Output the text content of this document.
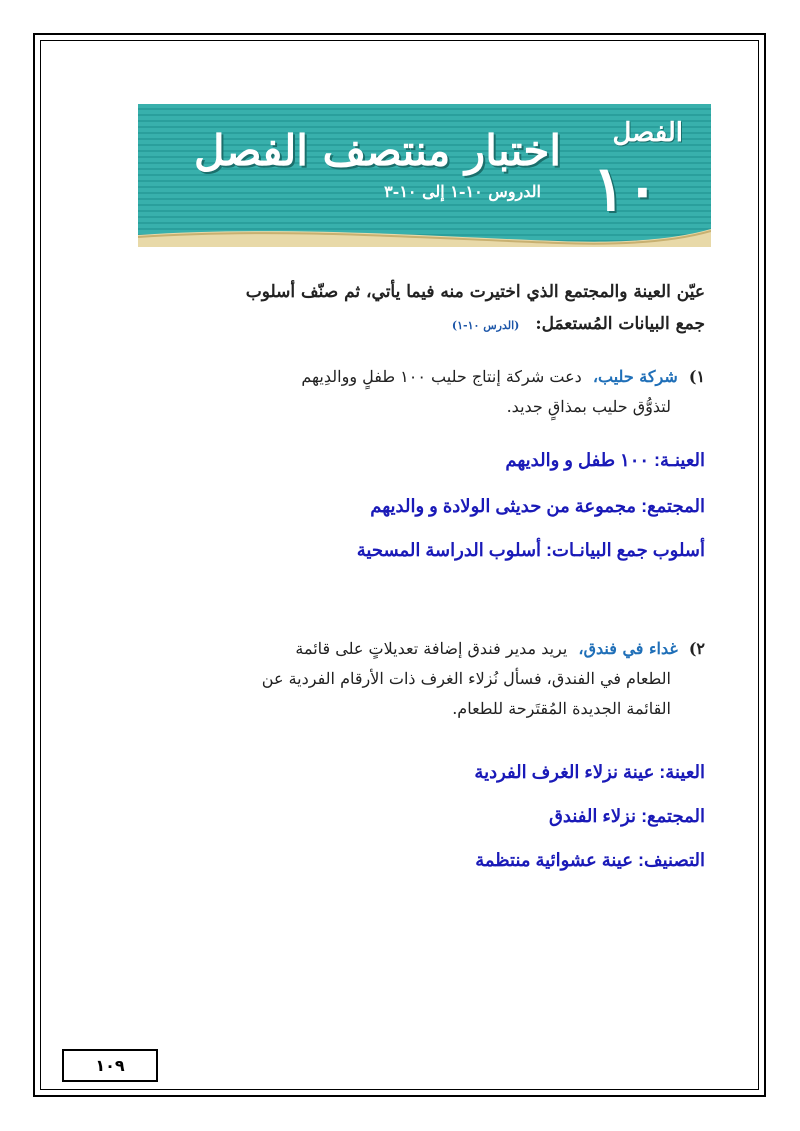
اختبار منتصف الفصل
الدروس ١٠-١ إلى ١٠-٣
الفصل
١٠
عيّن العينة والمجتمع الذي اختيرت منه فيما يأتي، ثم صنّف أسلوب
جمع البيانات المُستعمَل: (الدرس ١٠-١)
١) شركة حليب، دعت شركة إنتاج حليب ١٠٠ طفلٍ ووالدِيهم
لتذوُّق حليب بمذاقٍ جديد.
العينـة: ١٠٠ طفل و والديهم
المجتمع: مجموعة من حديثى الولادة و والديهم
أسلوب جمع البيانـات: أسلوب الدراسة المسحية
٢) غداء في فندق، يريد مدير فندق إضافة تعديلاتٍ على قائمة
الطعام في الفندق، فسأل نُزلاء الغرف ذات الأرقام الفردية عن
القائمة الجديدة المُقتَرحة للطعام.
العينة: عينة نزلاء الغرف الفردية
المجتمع: نزلاء الفندق
التصنيف: عينة عشوائية منتظمة
١٠٩
